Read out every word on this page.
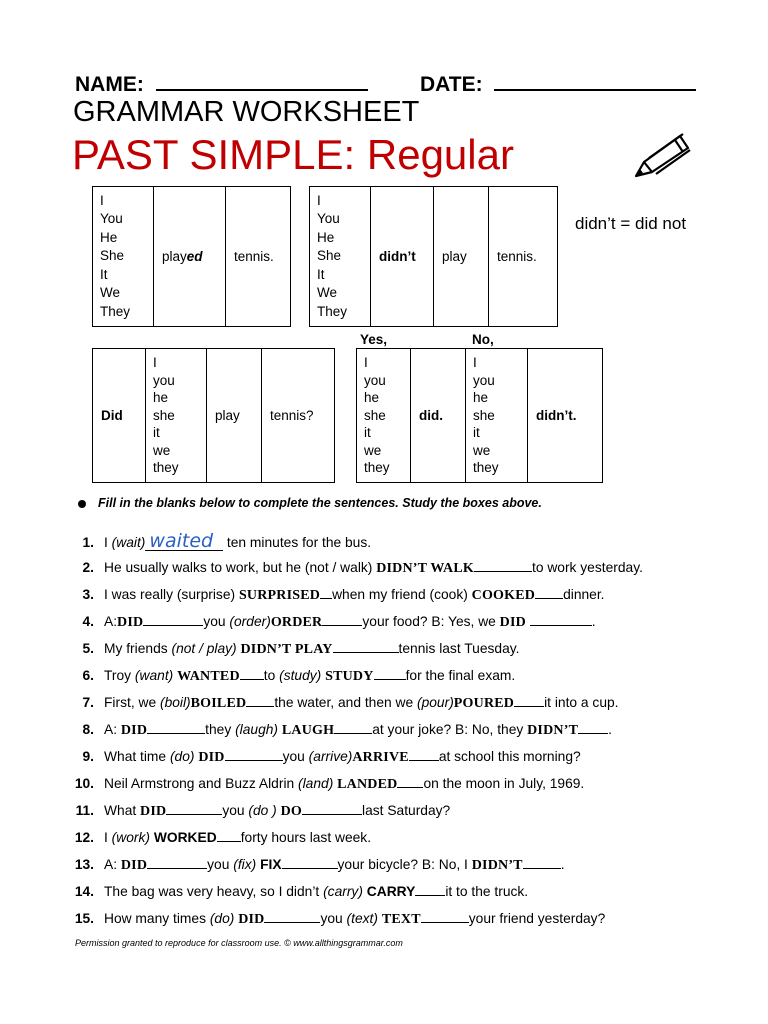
NAME:	DATE:
GRAMMAR WORKSHEET
PAST SIMPLE: Regular
didn’t = did not
I
You
He
She
It
We
They	played	tennis.
I
You
He
She
It
We
They	didn’t	play	tennis.
Did	I
you
he
she
it
we
they	play	tennis?
Yes,	No,
I
you
he
she
it
we
they	did.	I
you
he
she
it
we
they	didn’t.
Fill in the blanks below to complete the sentences. Study the boxes above.
1. I (wait) waited ten minutes for the bus.
2. He usually walks to work, but he (not / walk) DIDN’T WALK	to work yesterday.
3. I was really (surprise) SURPRISED when my friend (cook) COOKED dinner.
4. A:DID	you (order)ORDER	your food? B: Yes, we DID	.
5. My friends (not / play) DIDN’T PLAY	tennis last Tuesday.
6. Troy (want) WANTED to (study) STUDY for the final exam.
7. First, we (boil)BOILED the water, and then we (pour)POURED it into a cup.
8. A: DID	they (laugh) LAUGH	at your joke? B: No, they DIDN’T .
9. What time (do) DID	you (arrive)ARRIVE at school this morning?
10. Neil Armstrong and Buzz Aldrin (land) LANDED on the moon in July, 1969.
11. What DID	you (do ) DO	last Saturday?
12. I (work) WORKED forty hours last week.
13. A: DID	you (fix) FIX	your bicycle? B: No, I DIDN’T	.
14. The bag was very heavy, so I didn’t (carry) CARRY it to the truck.
15. How many times (do) DID	you (text) TEXT	your friend yesterday?
Permission granted to reproduce for classroom use. © www.allthingsgrammar.com
